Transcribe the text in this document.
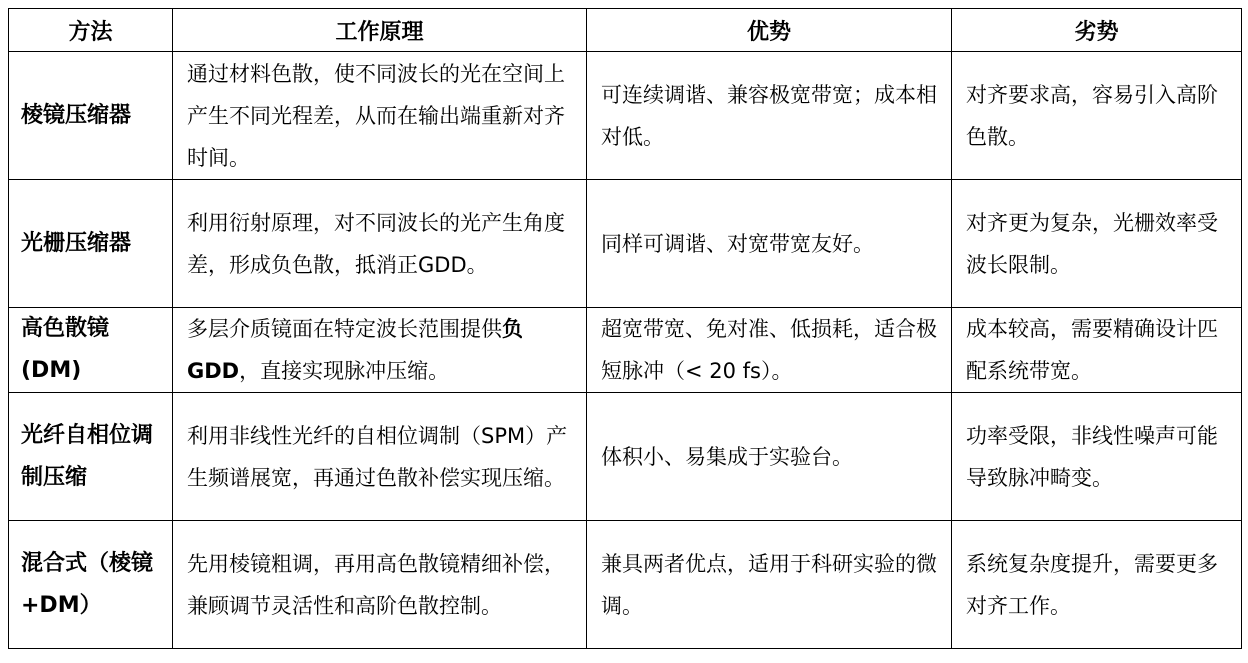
方法	工作原理	优势	劣势
棱镜压缩器	通过材料色散，使不同波长的光在空间上产生不同光程差，从而在输出端重新对齐时间。	可连续调谐、兼容极宽带宽；成本相对低。	对齐要求高，容易引入高阶色散。
光栅压缩器	利用衍射原理，对不同波长的光产生角度差，形成负色散，抵消正GDD。	同样可调谐、对宽带宽友好。	对齐更为复杂，光栅效率受波长限制。
高色散镜 (DM)	多层介质镜面在特定波长范围提供负 GDD，直接实现脉冲压缩。	超宽带宽、免对准、低损耗，适合极短脉冲（< 20 fs）。	成本较高，需要精确设计匹配系统带宽。
光纤自相位调制压缩	利用非线性光纤的自相位调制（SPM）产生频谱展宽，再通过色散补偿实现压缩。	体积小、易集成于实验台。	功率受限，非线性噪声可能导致脉冲畸变。
混合式（棱镜+DM）	先用棱镜粗调，再用高色散镜精细补偿，兼顾调节灵活性和高阶色散控制。	兼具两者优点，适用于科研实验的微调。	系统复杂度提升，需要更多对齐工作。
